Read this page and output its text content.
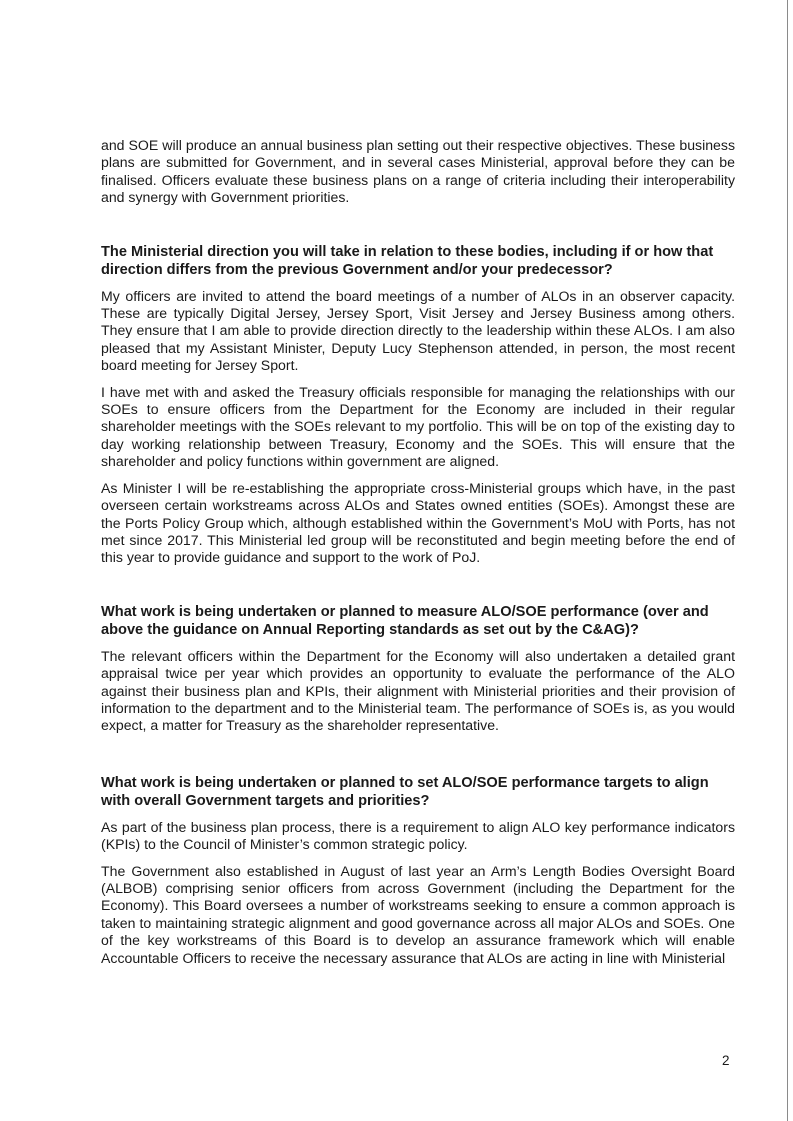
and SOE will produce an annual business plan setting out their respective objectives. These business plans are submitted for Government, and in several cases Ministerial, approval before they can be finalised. Officers evaluate these business plans on a range of criteria including their interoperability and synergy with Government priorities.

The Ministerial direction you will take in relation to these bodies, including if or how that direction differs from the previous Government and/or your predecessor?

My officers are invited to attend the board meetings of a number of ALOs in an observer capacity. These are typically Digital Jersey, Jersey Sport, Visit Jersey and Jersey Business among others. They ensure that I am able to provide direction directly to the leadership within these ALOs. I am also pleased that my Assistant Minister, Deputy Lucy Stephenson attended, in person, the most recent board meeting for Jersey Sport.

I have met with and asked the Treasury officials responsible for managing the relationships with our SOEs to ensure officers from the Department for the Economy are included in their regular shareholder meetings with the SOEs relevant to my portfolio. This will be on top of the existing day to day working relationship between Treasury, Economy and the SOEs. This will ensure that the shareholder and policy functions within government are aligned.

As Minister I will be re-establishing the appropriate cross-Ministerial groups which have, in the past overseen certain workstreams across ALOs and States owned entities (SOEs). Amongst these are the Ports Policy Group which, although established within the Government’s MoU with Ports, has not met since 2017. This Ministerial led group will be reconstituted and begin meeting before the end of this year to provide guidance and support to the work of PoJ.

What work is being undertaken or planned to measure ALO/SOE performance (over and above the guidance on Annual Reporting standards as set out by the C&AG)?

The relevant officers within the Department for the Economy will also undertaken a detailed grant appraisal twice per year which provides an opportunity to evaluate the performance of the ALO against their business plan and KPIs, their alignment with Ministerial priorities and their provision of information to the department and to the Ministerial team. The performance of SOEs is, as you would expect, a matter for Treasury as the shareholder representative.

What work is being undertaken or planned to set ALO/SOE performance targets to align with overall Government targets and priorities?

As part of the business plan process, there is a requirement to align ALO key performance indicators (KPIs) to the Council of Minister’s common strategic policy.

The Government also established in August of last year an Arm’s Length Bodies Oversight Board (ALBOB) comprising senior officers from across Government (including the Department for the Economy). This Board oversees a number of workstreams seeking to ensure a common approach is taken to maintaining strategic alignment and good governance across all major ALOs and SOEs. One of the key workstreams of this Board is to develop an assurance framework which will enable Accountable Officers to receive the necessary assurance that ALOs are acting in line with Ministerial

2
